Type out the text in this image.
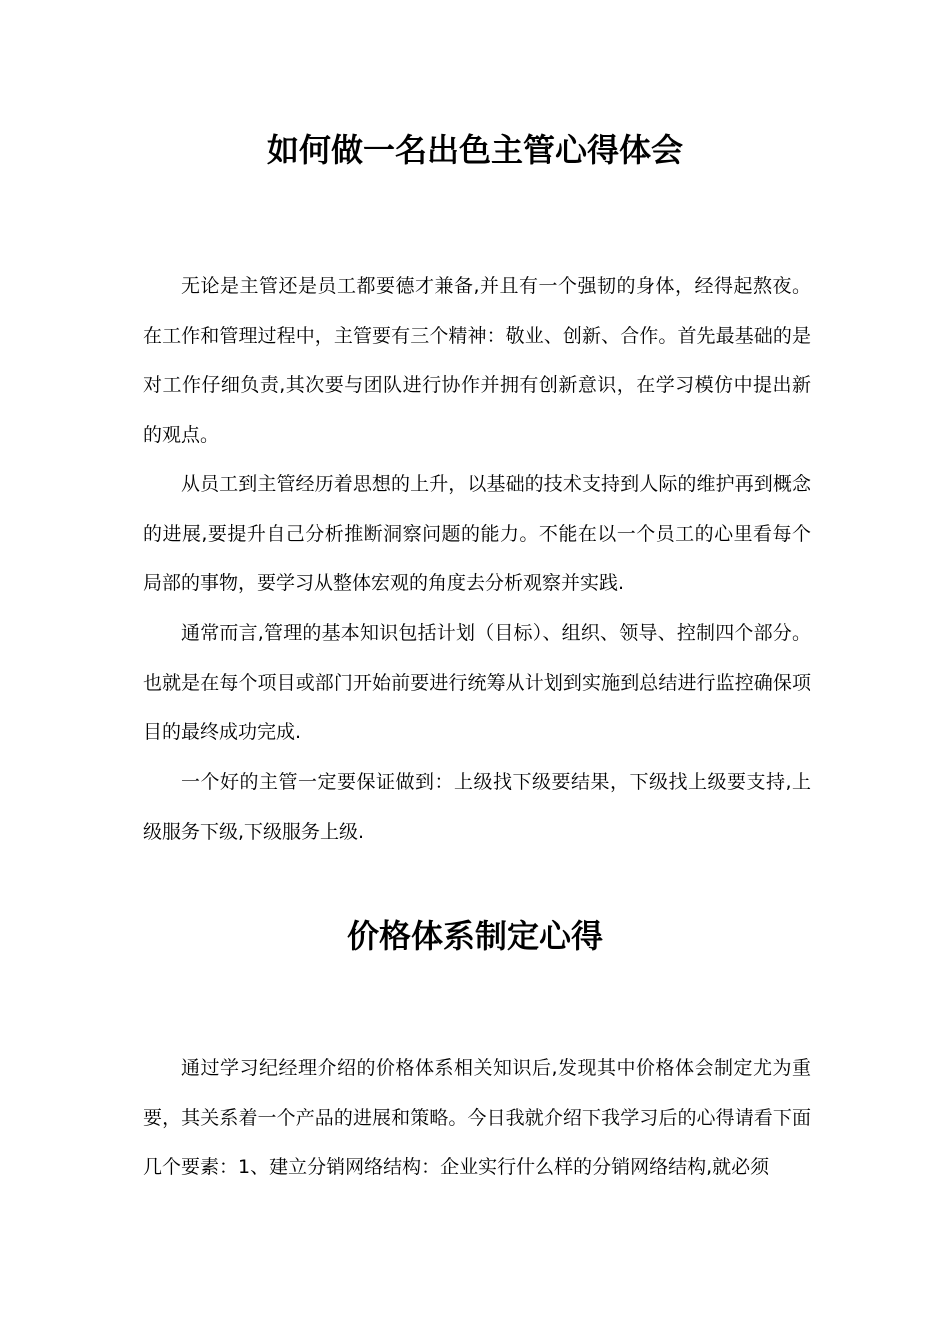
如何做一名出色主管心得体会

无论是主管还是员工都要德才兼备,并且有一个强韧的身体，经得起熬夜。在工作和管理过程中，主管要有三个精神：敬业、创新、合作。首先最基础的是对工作仔细负责,其次要与团队进行协作并拥有创新意识，在学习模仿中提出新的观点。

从员工到主管经历着思想的上升，以基础的技术支持到人际的维护再到概念的进展,要提升自己分析推断洞察问题的能力。不能在以一个员工的心里看每个局部的事物，要学习从整体宏观的角度去分析观察并实践.

通常而言,管理的基本知识包括计划（目标）、组织、领导、控制四个部分。也就是在每个项目或部门开始前要进行统筹从计划到实施到总结进行监控确保项目的最终成功完成.

一个好的主管一定要保证做到：上级找下级要结果，下级找上级要支持,上级服务下级,下级服务上级.

价格体系制定心得

通过学习纪经理介绍的价格体系相关知识后,发现其中价格体会制定尤为重要，其关系着一个产品的进展和策略。今日我就介绍下我学习后的心得请看下面几个要素：1、建立分销网络结构：企业实行什么样的分销网络结构,就必须
